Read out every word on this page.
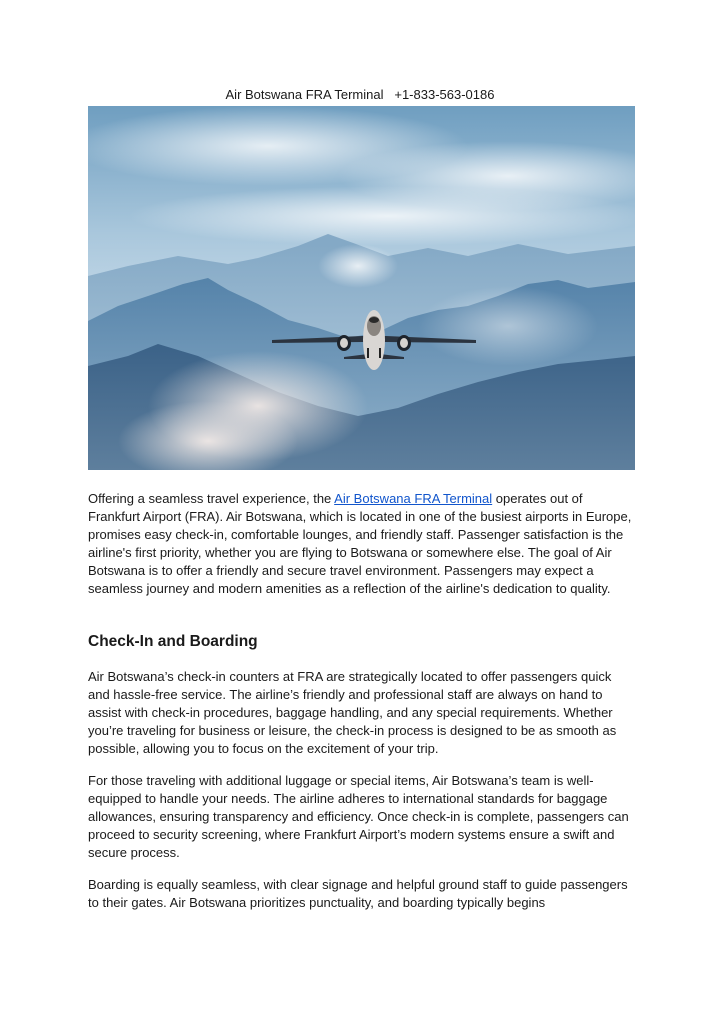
Air Botswana FRA Terminal +1-833-563-0186

Offering a seamless travel experience, the Air Botswana FRA Terminal operates out of Frankfurt Airport (FRA). Air Botswana, which is located in one of the busiest airports in Europe, promises easy check-in, comfortable lounges, and friendly staff. Passenger satisfaction is the airline's first priority, whether you are flying to Botswana or somewhere else. The goal of Air Botswana is to offer a friendly and secure travel environment. Passengers may expect a seamless journey and modern amenities as a reflection of the airline's dedication to quality.

Check-In and Boarding

Air Botswana’s check-in counters at FRA are strategically located to offer passengers quick and hassle-free service. The airline’s friendly and professional staff are always on hand to assist with check-in procedures, baggage handling, and any special requirements. Whether you’re traveling for business or leisure, the check-in process is designed to be as smooth as possible, allowing you to focus on the excitement of your trip.

For those traveling with additional luggage or special items, Air Botswana’s team is well-equipped to handle your needs. The airline adheres to international standards for baggage allowances, ensuring transparency and efficiency. Once check-in is complete, passengers can proceed to security screening, where Frankfurt Airport’s modern systems ensure a swift and secure process.

Boarding is equally seamless, with clear signage and helpful ground staff to guide passengers to their gates. Air Botswana prioritizes punctuality, and boarding typically begins
